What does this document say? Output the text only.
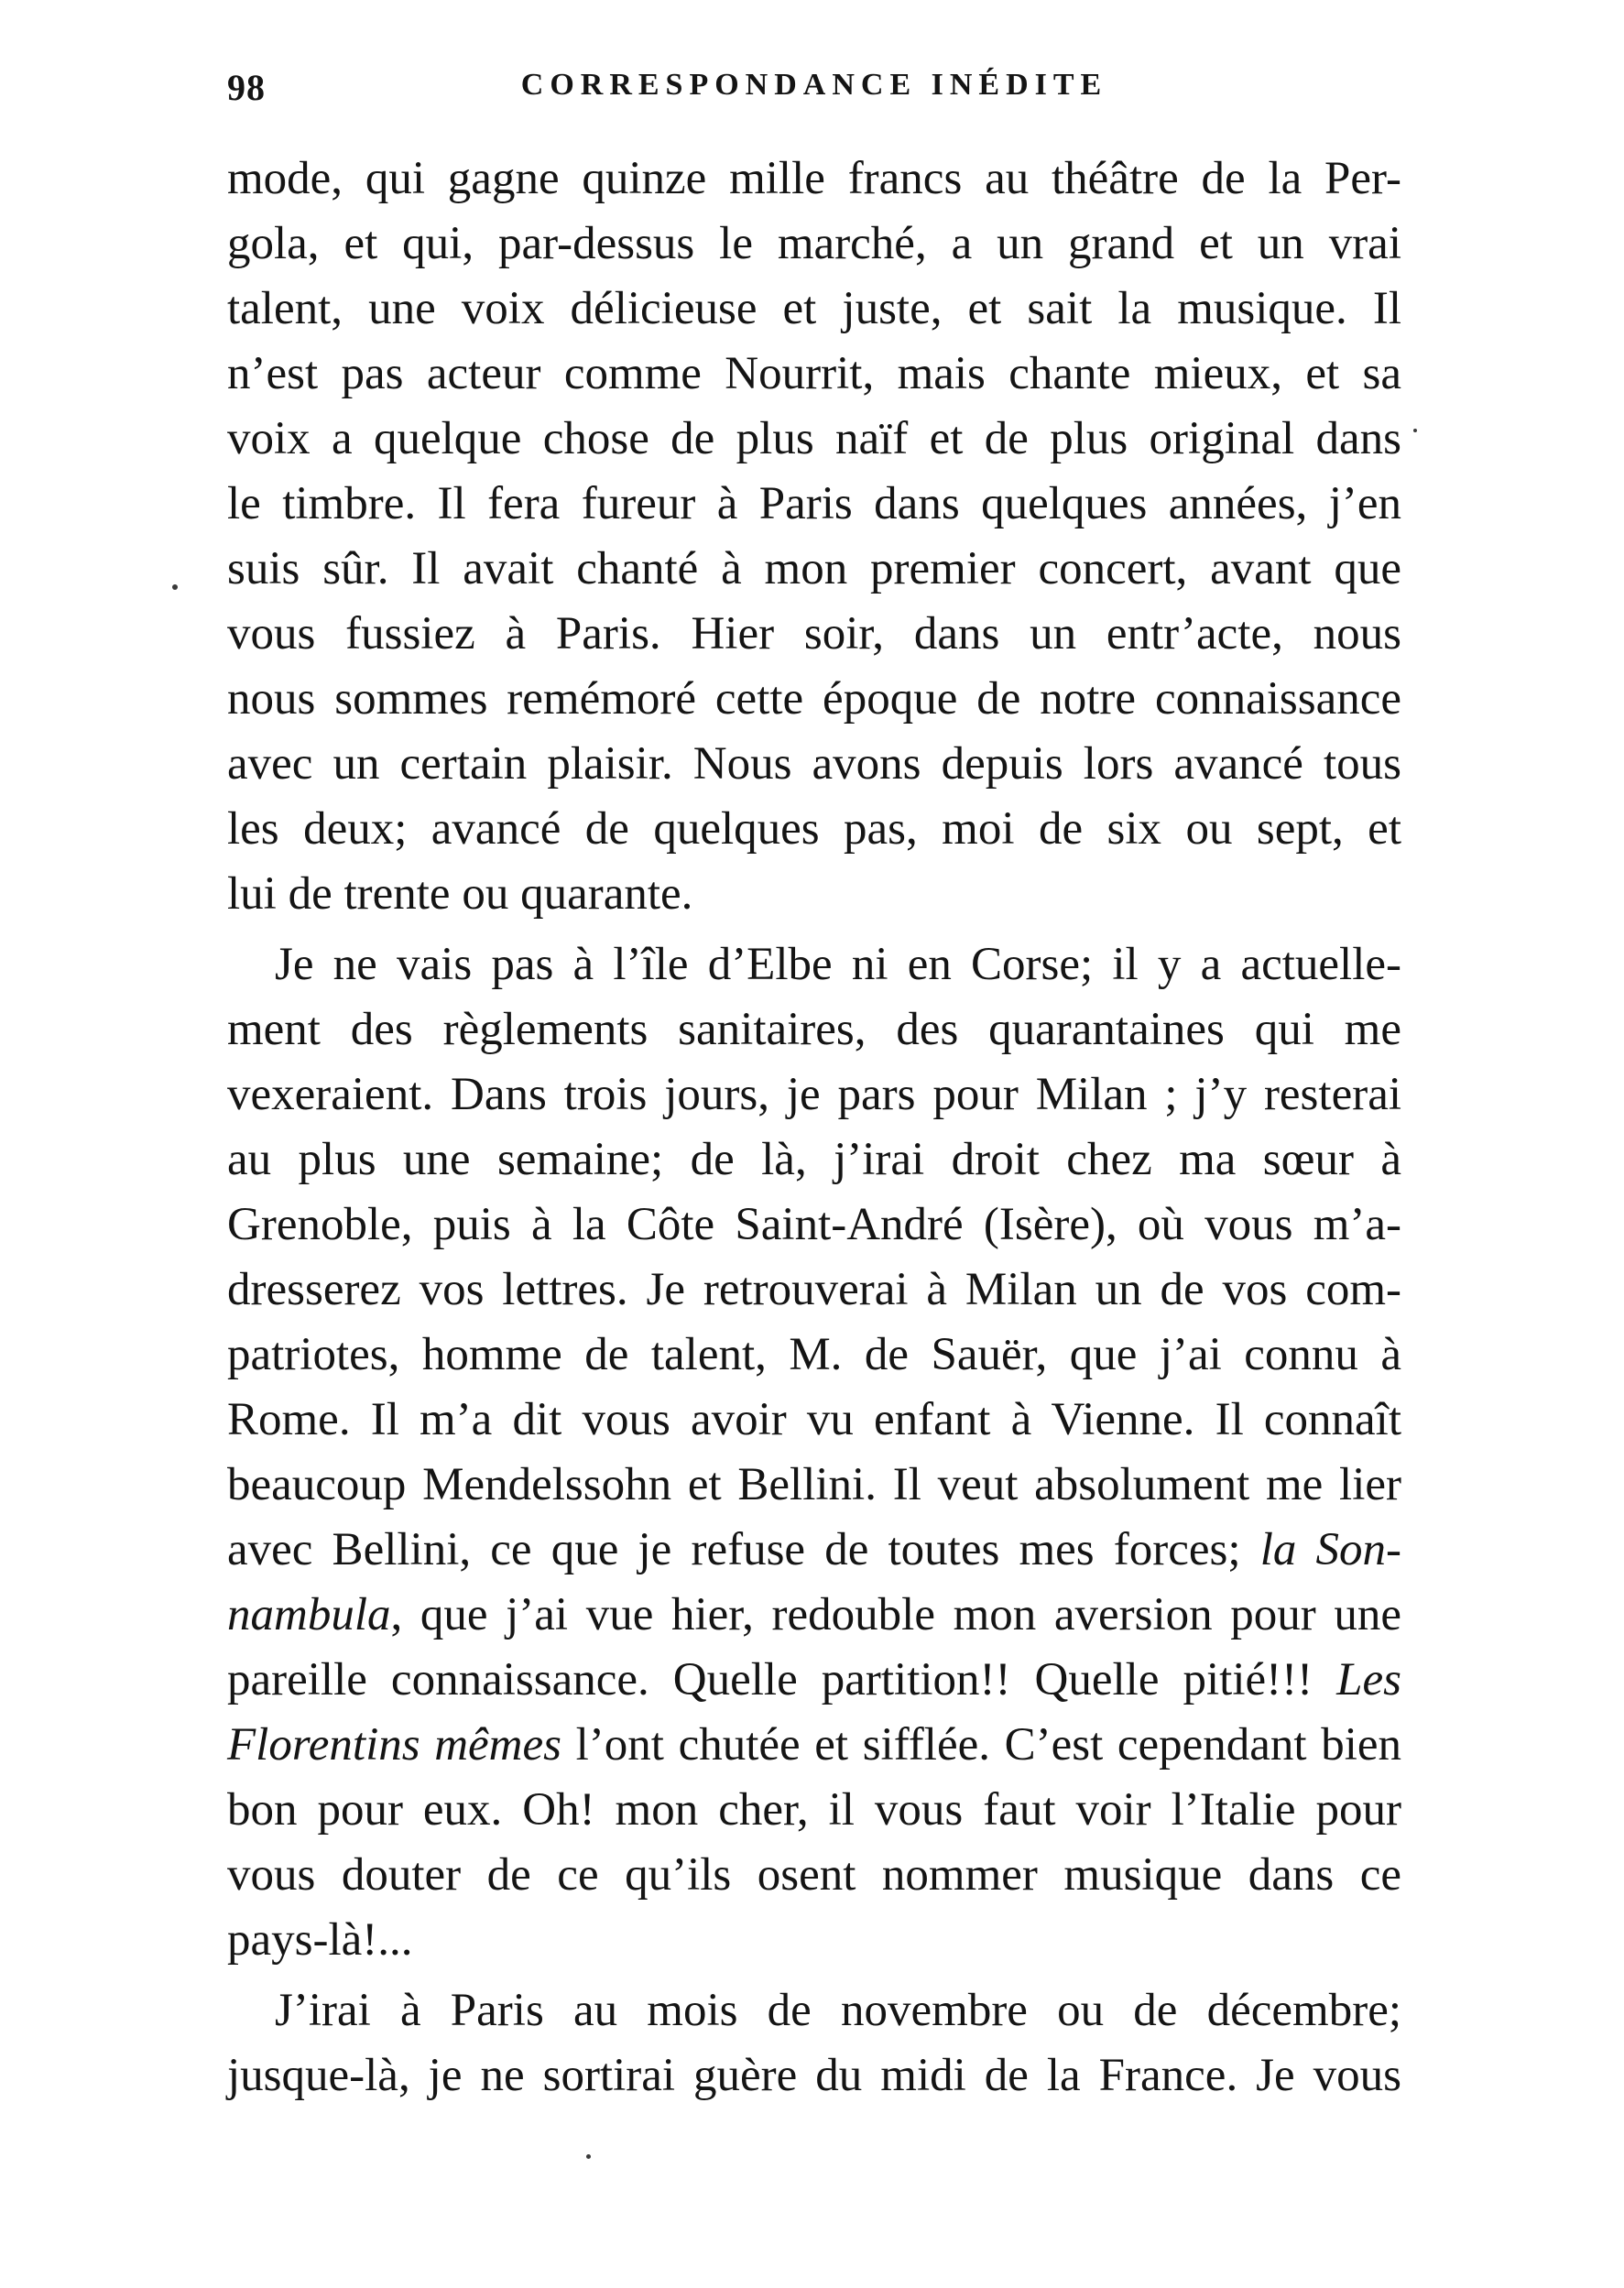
98	CORRESPONDANCE INÉDITE
mode, qui gagne quinze mille francs au théâtre de la Per-
gola, et qui, par-dessus le marché, a un grand et un vrai
talent, une voix délicieuse et juste, et sait la musique. Il
n’est pas acteur comme Nourrit, mais chante mieux, et sa
voix a quelque chose de plus naïf et de plus original dans
le timbre. Il fera fureur à Paris dans quelques années, j’en
suis sûr. Il avait chanté à mon premier concert, avant que
vous fussiez à Paris. Hier soir, dans un entr’acte, nous
nous sommes remémoré cette époque de notre connaissance
avec un certain plaisir. Nous avons depuis lors avancé tous
les deux; avancé de quelques pas, moi de six ou sept, et
lui de trente ou quarante.
Je ne vais pas à l’île d’Elbe ni en Corse; il y a actuelle-
ment des règlements sanitaires, des quarantaines qui me
vexeraient. Dans trois jours, je pars pour Milan ; j’y resterai
au plus une semaine; de là, j’irai droit chez ma sœur à
Grenoble, puis à la Côte Saint-André (Isère), où vous m’a-
dresserez vos lettres. Je retrouverai à Milan un de vos com-
patriotes, homme de talent, M. de Sauër, que j’ai connu à
Rome. Il m’a dit vous avoir vu enfant à Vienne. Il connaît
beaucoup Mendelssohn et Bellini. Il veut absolument me lier
avec Bellini, ce que je refuse de toutes mes forces; la Son-
nambula, que j’ai vue hier, redouble mon aversion pour une
pareille connaissance. Quelle partition!! Quelle pitié!!! Les
Florentins mêmes l’ont chutée et sifflée. C’est cependant bien
bon pour eux. Oh! mon cher, il vous faut voir l’Italie pour
vous douter de ce qu’ils osent nommer musique dans ce
pays-là!...
J’irai à Paris au mois de novembre ou de décembre;
jusque-là, je ne sortirai guère du midi de la France. Je vous
